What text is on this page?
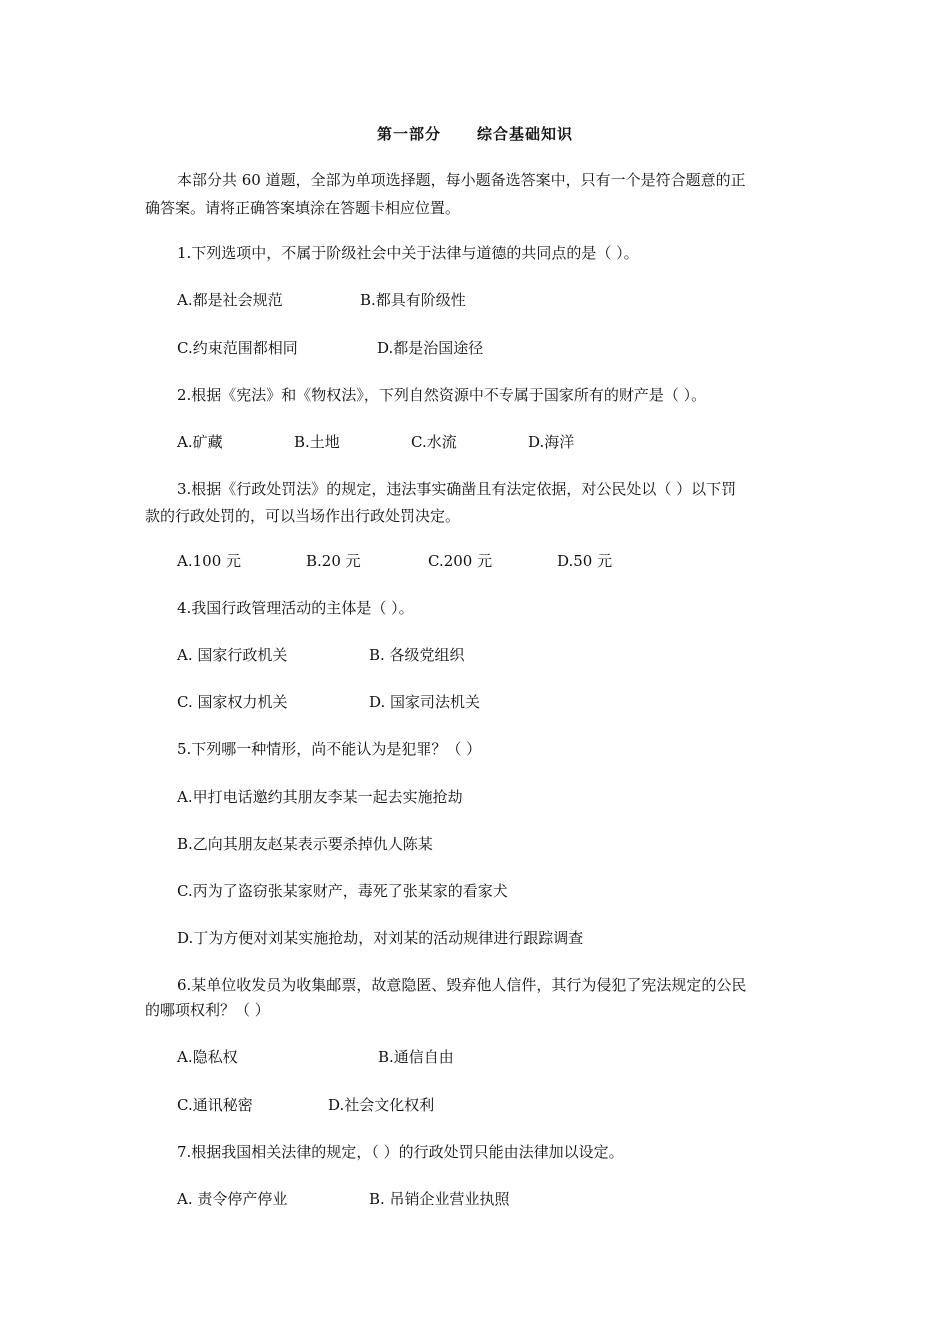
第一部分 综合基础知识
本部分共 60 道题，全部为单项选择题，每小题备选答案中，只有一个是符合题意的正
确答案。请将正确答案填涂在答题卡相应位置。
1.下列选项中，不属于阶级社会中关于法律与道德的共同点的是（ ）。
A.都是社会规范	B.都具有阶级性
C.约束范围都相同	D.都是治国途径
2.根据《宪法》和《物权法》，下列自然资源中不专属于国家所有的财产是（ ）。
A.矿藏	B.土地	C.水流	D.海洋
3.根据《行政处罚法》的规定，违法事实确凿且有法定依据，对公民处以（ ）以下罚
款的行政处罚的，可以当场作出行政处罚决定。
A.100 元	B.20 元	C.200 元	D.50 元
4.我国行政管理活动的主体是（ ）。
A. 国家行政机关	B. 各级党组织
C. 国家权力机关	D. 国家司法机关
5.下列哪一种情形，尚不能认为是犯罪？（ ）
A.甲打电话邀约其朋友李某一起去实施抢劫
B.乙向其朋友赵某表示要杀掉仇人陈某
C.丙为了盗窃张某家财产，毒死了张某家的看家犬
D.丁为方便对刘某实施抢劫，对刘某的活动规律进行跟踪调查
6.某单位收发员为收集邮票，故意隐匿、毁弃他人信件，其行为侵犯了宪法规定的公民
的哪项权利？（ ）
A.隐私权	B.通信自由
C.通讯秘密	D.社会文化权利
7.根据我国相关法律的规定，（ ）的行政处罚只能由法律加以设定。
A. 责令停产停业	B. 吊销企业营业执照
